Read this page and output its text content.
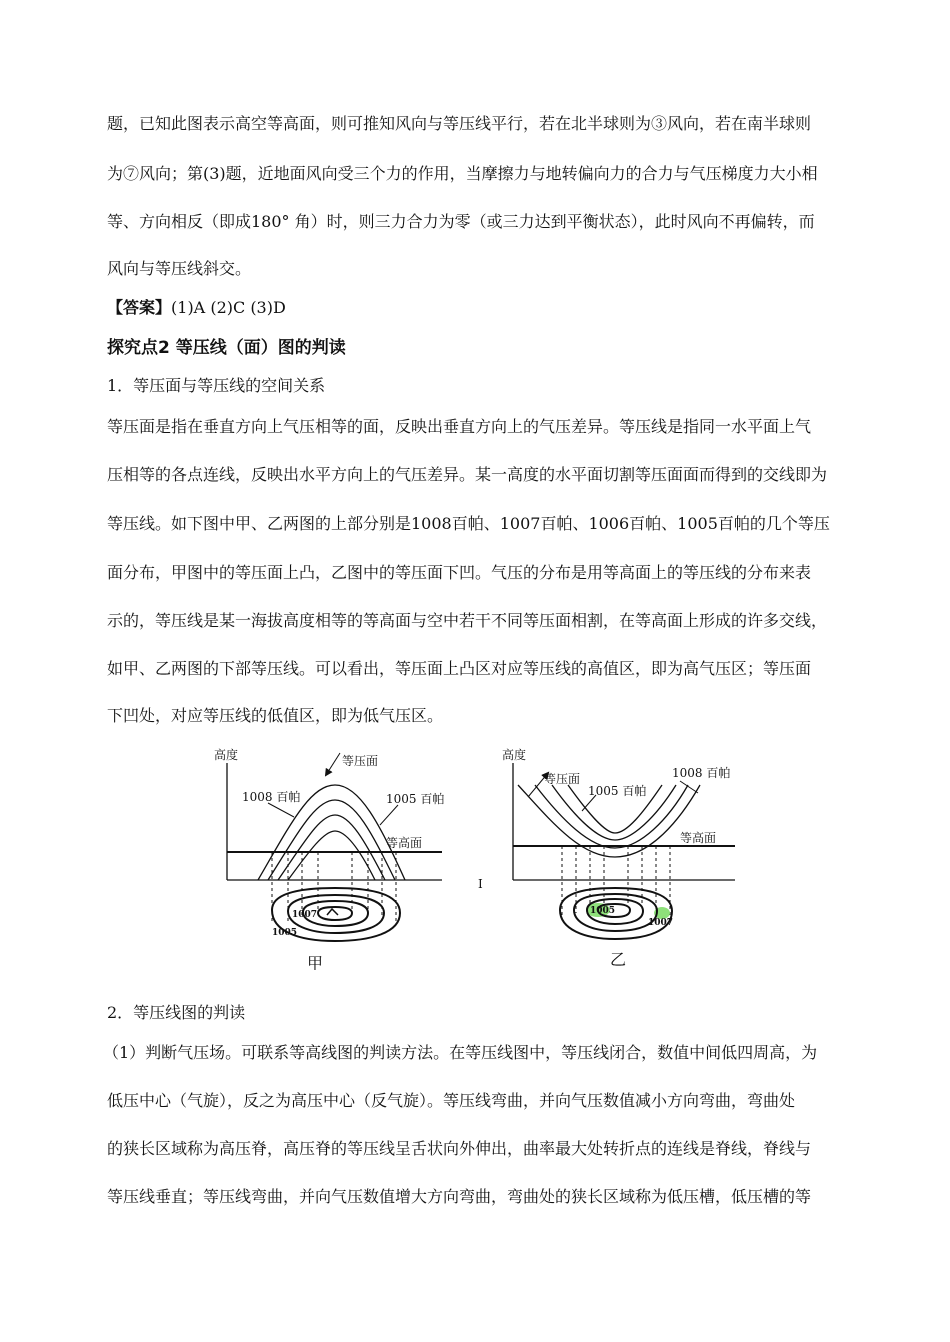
题，已知此图表示高空等高面，则可推知风向与等压线平行，若在北半球则为③风向，若在南半球则
为⑦风向；第(3)题，近地面风向受三个力的作用，当摩擦力与地转偏向力的合力与气压梯度力大小相
等、方向相反（即成180° 角）时，则三力合力为零（或三力达到平衡状态），此时风向不再偏转，而
风向与等压线斜交。
【答案】(1)A (2)C (3)D
探究点2 等压线（面）图的判读
1．等压面与等压线的空间关系
等压面是指在垂直方向上气压相等的面，反映出垂直方向上的气压差异。等压线是指同一水平面上气
压相等的各点连线，反映出水平方向上的气压差异。某一高度的水平面切割等压面面而得到的交线即为
等压线。如下图中甲、乙两图的上部分别是1008百帕、1007百帕、1006百帕、1005百帕的几个等压
面分布，甲图中的等压面上凸，乙图中的等压面下凹。气压的分布是用等高面上的等压线的分布来表
示的，等压线是某一海拔高度相等的等高面与空中若干不同等压面相割，在等高面上形成的许多交线，
如甲、乙两图的下部等压线。可以看出，等压面上凸区对应等压线的高值区，即为高气压区；等压面
下凹处，对应等压线的低值区，即为低气压区。
高度	等压面
1008 百帕	1005 百帕
等高面
1007
1005
甲
I
高度
等压面
1005 百帕
1008 百帕
等高面
1005
1007
乙
2．等压线图的判读
（1）判断气压场。可联系等高线图的判读方法。在等压线图中，等压线闭合，数值中间低四周高，为
低压中心（气旋），反之为高压中心（反气旋）。等压线弯曲，并向气压数值减小方向弯曲，弯曲处
的狭长区域称为高压脊，高压脊的等压线呈舌状向外伸出，曲率最大处转折点的连线是脊线，脊线与
等压线垂直；等压线弯曲，并向气压数值增大方向弯曲，弯曲处的狭长区域称为低压槽，低压槽的等
